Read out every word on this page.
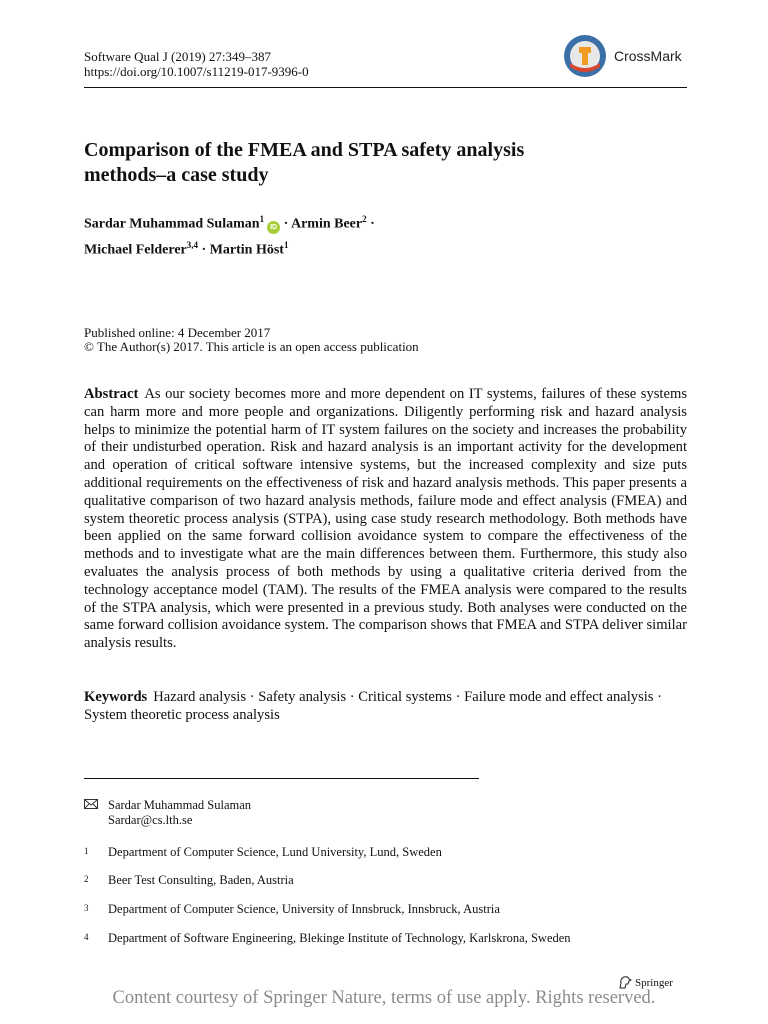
Software Qual J (2019) 27:349–387
https://doi.org/10.1007/s11219-017-9396-0
CrossMark
Comparison of the FMEA and STPA safety analysis
methods–a case study
Sardar Muhammad Sulaman$^1$ID · Armin Beer$^2$ ·
Michael Felderer$^{3,4}$ · Martin Höst$^1$
Published online: 4 December 2017
© The Author(s) 2017. This article is an open access publication
Abstract As our society becomes more and more dependent on IT systems, failures of these systems can harm more and more people and organizations. Diligently performing risk and hazard analysis helps to minimize the potential harm of IT system failures on the society and increases the probability of their undisturbed operation. Risk and hazard analysis is an important activity for the development and operation of critical software intensive systems, but the increased complexity and size puts additional requirements on the effectiveness of risk and hazard analysis methods. This paper presents a qualitative comparison of two hazard analysis methods, failure mode and effect analysis (FMEA) and system theoretic process analysis (STPA), using case study research methodology. Both methods have been applied on the same forward collision avoidance system to compare the effectiveness of the methods and to investigate what are the main differences between them. Furthermore, this study also evaluates the analysis process of both methods by using a qualitative criteria derived from the technology acceptance model (TAM). The results of the FMEA analysis were compared to the results of the STPA analysis, which were presented in a previous study. Both analyses were conducted on the same forward collision avoidance system. The comparison shows that FMEA and STPA deliver similar analysis results.
Keywords Hazard analysis · Safety analysis · Critical systems · Failure mode and effect analysis · System theoretic process analysis
Sardar Muhammad Sulaman
Sardar@cs.lth.se
1	Department of Computer Science, Lund University, Lund, Sweden
2	Beer Test Consulting, Baden, Austria
3	Department of Computer Science, University of Innsbruck, Innsbruck, Austria
4	Department of Software Engineering, Blekinge Institute of Technology, Karlskrona, Sweden
Springer
Content courtesy of Springer Nature, terms of use apply. Rights reserved.
